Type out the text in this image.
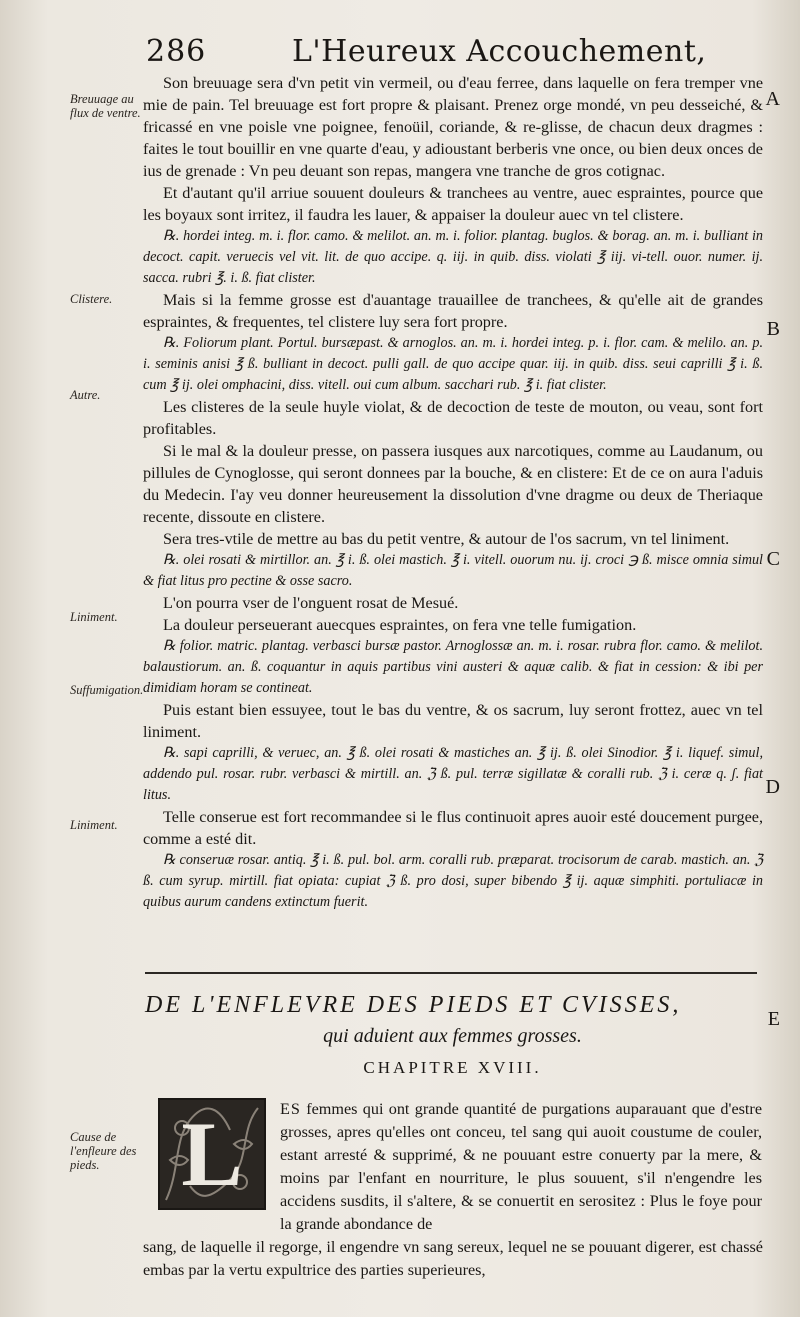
286	L'Heureux Accouchement,
Breuuage au flux de ventre.
Clistere.
Autre.
Liniment.
Suffumigation.
Liniment.
Cause de l'enfleure des pieds.
A
B
C
D
E

Son breuuage sera d'vn petit vin vermeil, ou d'eau ferree, dans laquelle on fera tremper vne mie de pain. Tel breuuage est fort propre & plaisant. Prenez orge mondé, vn peu desseiché, & fricassé en vne poisle vne poignee, fenoüil, coriande, & re-glisse, de chacun deux dragmes : faites le tout bouillir en vne quarte d'eau, y adioustant berberis vne once, ou bien deux onces de ius de grenade : Vn peu deuant son repas, mangera vne tranche de gros cotignac.

Et d'autant qu'il arriue souuent douleurs & tranchees au ventre, auec espraintes, pource que les boyaux sont irritez, il faudra les lauer, & appaiser la douleur auec vn tel clistere.

℞. hordei integ. m. i. flor. camo. & melilot. an. m. i. folior. plantag. buglos. & borag. an. m. i. bulliant in decoct. capit. veruecis vel vit. lit. de quo accipe. q. iij. in quib. diss. violati ℥ iij. vi-tell. ouor. numer. ij. sacca. rubri ℥. i. ß. fiat clister.

Mais si la femme grosse est d'auantage trauaillee de tranchees, & qu'elle ait de grandes espraintes, & frequentes, tel clistere luy sera fort propre.

℞. Foliorum plant. Portul. bursæpast. & arnoglos. an. m. i. hordei integ. p. i. flor. cam. & melilo. an. p. i. seminis anisi ℥ ß. bulliant in decoct. pulli gall. de quo accipe quar. iij. in quib. diss. seui caprilli ℥ i. ß. cum ℥ ij. olei omphacini, diss. vitell. oui cum album. sacchari rub. ℥ i. fiat clister.

Les clisteres de la seule huyle violat, & de decoction de teste de mouton, ou veau, sont fort profitables.

Si le mal & la douleur presse, on passera iusques aux narcotiques, comme au Laudanum, ou pillules de Cynoglosse, qui seront donnees par la bouche, & en clistere: Et de ce on aura l'aduis du Medecin. I'ay veu donner heureusement la dissolution d'vne dragme ou deux de Theriaque recente, dissoute en clistere.

Sera tres-vtile de mettre au bas du petit ventre, & autour de l'os sacrum, vn tel liniment.

℞. olei rosati & mirtillor. an. ℥ i. ß. olei mastich. ℥ i. vitell. ouorum nu. ij. croci ℈ ß. misce omnia simul & fiat litus pro pectine & osse sacro.

L'on pourra vser de l'onguent rosat de Mesué.

La douleur perseuerant auecques espraintes, on fera vne telle fumigation.

℞ folior. matric. plantag. verbasci bursæ pastor. Arnoglossæ an. m. i. rosar. rubra flor. camo. & melilot. balaustiorum. an. ß. coquantur in aquis partibus vini austeri & aquæ calib. & fiat in cession: & ibi per dimidiam horam se contineat.

Puis estant bien essuyee, tout le bas du ventre, & os sacrum, luy seront frottez, auec vn tel liniment.

℞. sapi caprilli, & veruec, an. ℥ ß. olei rosati & mastiches an. ℥ ij. ß. olei Sinodior. ℥ i. liquef. simul, addendo pul. rosar. rubr. verbasci & mirtill. an. ℨ ß. pul. terræ sigillatæ & coralli rub. ℨ i. ceræ q. ʃ. fiat litus.

Telle conserue est fort recommandee si le flus continuoit apres auoir esté doucement purgee, comme a esté dit.

℞ conseruæ rosar. antiq. ℥ i. ß. pul. bol. arm. coralli rub. præparat. trocisorum de carab. mastich. an. ℨ ß. cum syrup. mirtill. fiat opiata: cupiat ℨ ß. pro dosi, super bibendo ℥ ij. aquæ simphiti. portuliacæ in quibus aurum candens extinctum fuerit.

DE L'ENFLEVRE DES PIEDS ET CVISSES,
qui aduient aux femmes grosses.
CHAPITRE XVIII.
L	ES femmes qui ont grande quantité de purgations auparauant que d'estre grosses, apres qu'elles ont conceu, tel sang qui auoit coustume de couler, estant arresté & supprimé, & ne pouuant estre conuerty par la mere, & moins par l'enfant en nourriture, le plus souuent, s'il n'engendre les accidens susdits, il s'altere, & se conuertit en serositez : Plus le foye pour la grande abondance de
sang, de laquelle il regorge, il engendre vn sang sereux, lequel ne se pouuant digerer, est chassé embas par la vertu expultrice des parties superieures,
